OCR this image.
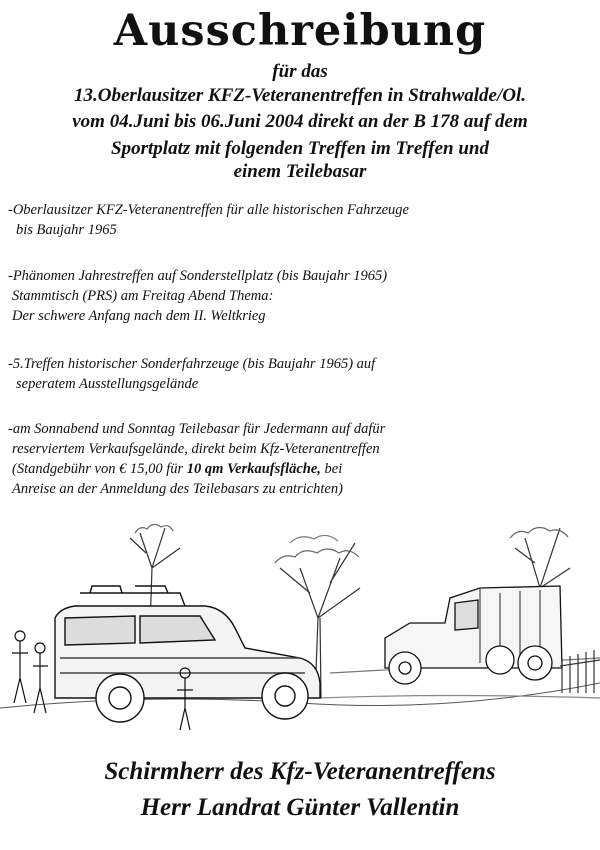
Ausschreibung
für das
13.Oberlausitzer KFZ-Veteranentreffen in Strahwalde/Ol.
vom 04.Juni bis 06.Juni 2004 direkt an der B 178 auf dem
Sportplatz mit folgenden Treffen im Treffen und
einem Teilebasar
-Oberlausitzer KFZ-Veteranentreffen für alle historischen Fahrzeuge
bis Baujahr 1965
-Phänomen Jahrestreffen auf Sonderstellplatz (bis Baujahr 1965)
Stammtisch (PRS) am Freitag Abend Thema:
Der schwere Anfang nach dem II. Weltkrieg
-5.Treffen historischer Sonderfahrzeuge (bis Baujahr 1965) auf
seperatem Ausstellungsgelände
-am Sonnabend und Sonntag Teilebasar für Jedermann auf dafür
reserviertem Verkaufsgelände, direkt beim Kfz-Veteranentreffen
(Standgebühr von € 15,00 für 10 qm Verkaufsfläche, bei
Anreise an der Anmeldung des Teilebasars zu entrichten)
Schirmherr des Kfz-Veteranentreffens
Herr Landrat Günter Vallentin
